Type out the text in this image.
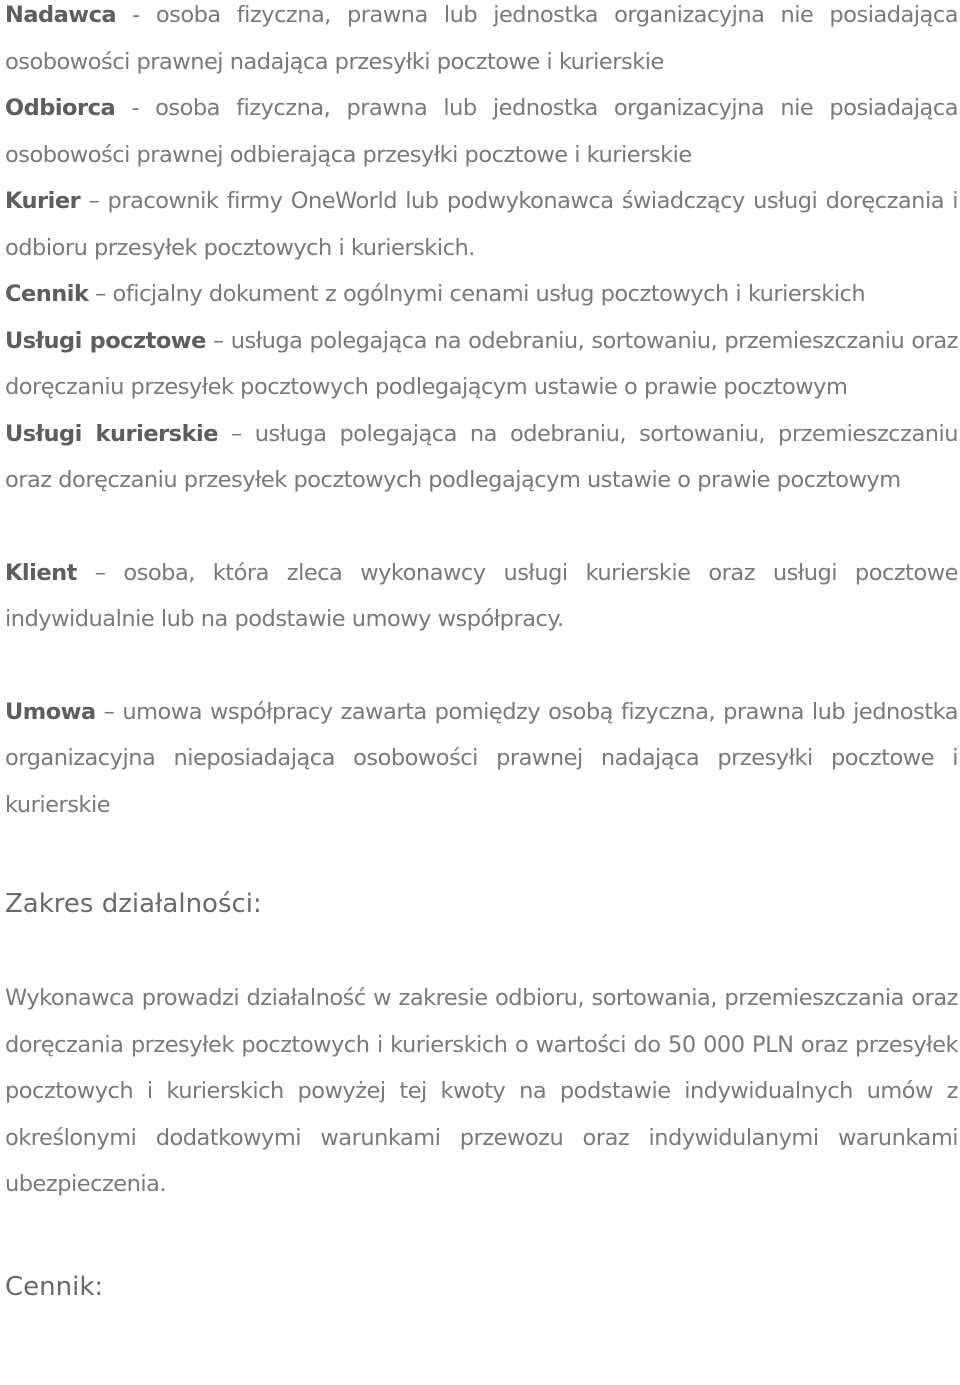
Nadawca - osoba fizyczna, prawna lub jednostka organizacyjna nie posiadająca osobowości prawnej nadająca przesyłki pocztowe i kurierskie

Odbiorca - osoba fizyczna, prawna lub jednostka organizacyjna nie posiadająca osobowości prawnej odbierająca przesyłki pocztowe i kurierskie

Kurier – pracownik firmy OneWorld lub podwykonawca świadczący usługi doręczania i odbioru przesyłek pocztowych i kurierskich.

Cennik – oficjalny dokument z ogólnymi cenami usług pocztowych i kurierskich

Usługi pocztowe – usługa polegająca na odebraniu, sortowaniu, przemieszczaniu oraz doręczaniu przesyłek pocztowych podlegającym ustawie o prawie pocztowym

Usługi kurierskie – usługa polegająca na odebraniu, sortowaniu, przemieszczaniu oraz doręczaniu przesyłek pocztowych podlegającym ustawie o prawie pocztowym

Klient – osoba, która zleca wykonawcy usługi kurierskie oraz usługi pocztowe indywidualnie lub na podstawie umowy współpracy.

Umowa – umowa współpracy zawarta pomiędzy osobą fizyczna, prawna lub jednostka organizacyjna nieposiadająca osobowości prawnej nadająca przesyłki pocztowe i kurierskie

Zakres działalności:

Wykonawca prowadzi działalność w zakresie odbioru, sortowania, przemieszczania oraz doręczania przesyłek pocztowych i kurierskich o wartości do 50 000 PLN oraz przesyłek pocztowych i kurierskich powyżej tej kwoty na podstawie indywidualnych umów z określonymi dodatkowymi warunkami przewozu oraz indywidulanymi warunkami ubezpieczenia.

Cennik:
